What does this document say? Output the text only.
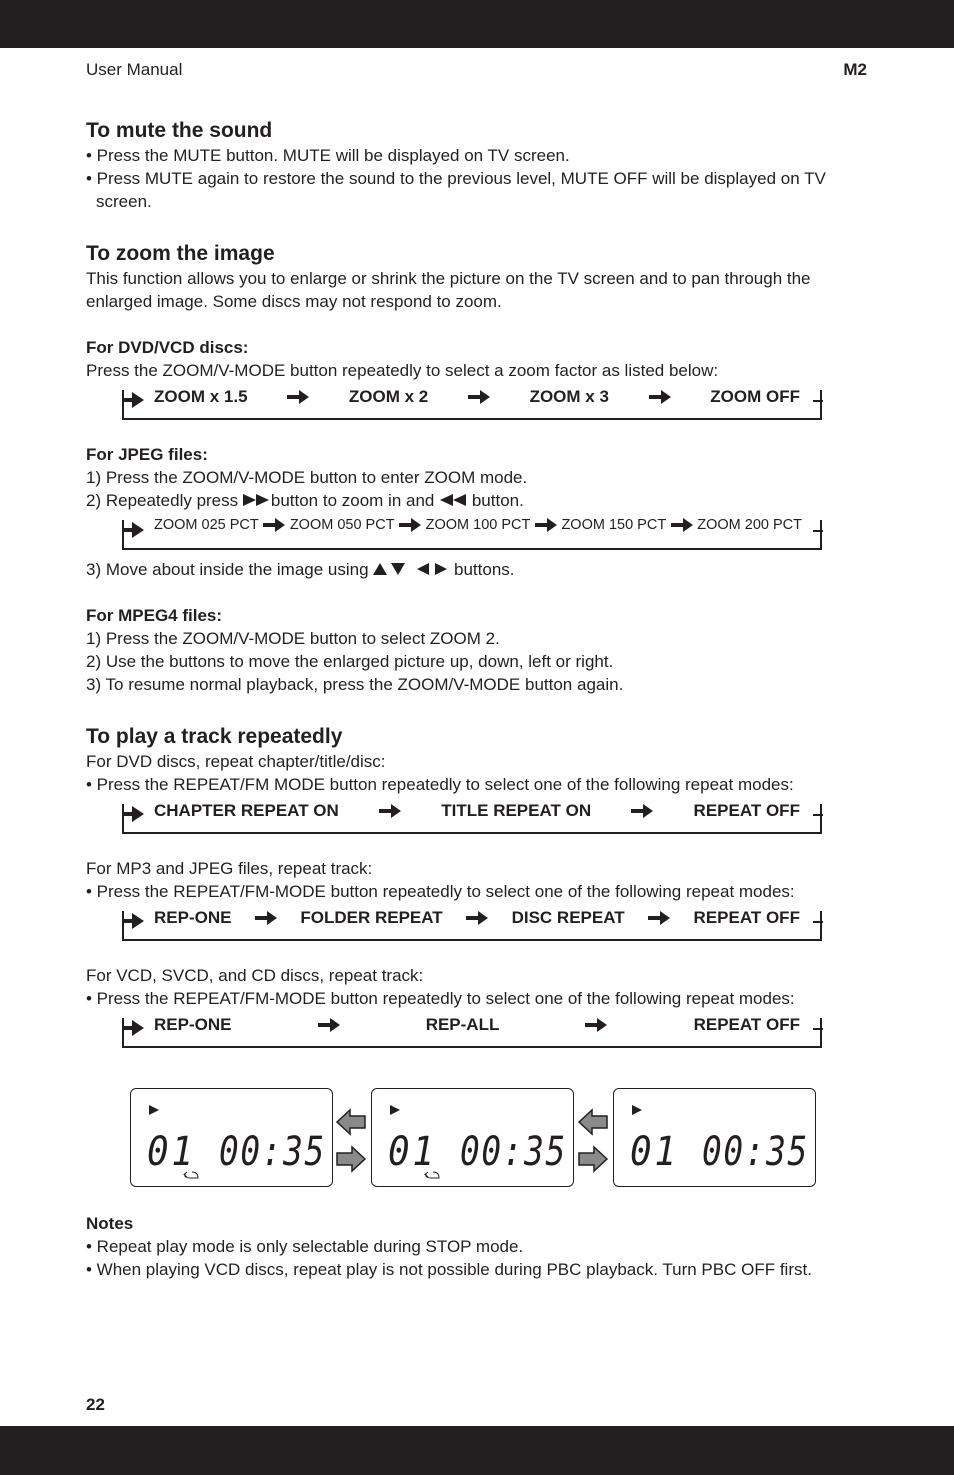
User Manual	M2
To mute the sound

• Press the MUTE button. MUTE will be displayed on TV screen.

• Press MUTE again to restore the sound to the previous level, MUTE OFF will be displayed on TV screen.

To zoom the image

This function allows you to enlarge or shrink the picture on the TV screen and to pan through the enlarged image. Some discs may not respond to zoom.

For DVD/VCD discs:

Press the ZOOM/V-MODE button repeatedly to select a zoom factor as listed below:

ZOOM x 1.5	ZOOM x 2	ZOOM x 3	ZOOM OFF

For JPEG files:

1) Press the ZOOM/V-MODE button to enter ZOOM mode.

2) Repeatedly press button to zoom in and  button.

ZOOM 025 PCT ZOOM 050 PCT ZOOM 100 PCT ZOOM 150 PCT ZOOM 200 PCT

3) Move about inside the image using	buttons.

For MPEG4 files:

1) Press the ZOOM/V-MODE button to select ZOOM 2.

2) Use the buttons to move the enlarged picture up, down, left or right.

3) To resume normal playback, press the ZOOM/V-MODE button again.

To play a track repeatedly

For DVD discs, repeat chapter/title/disc:

• Press the REPEAT/FM MODE button repeatedly to select one of the following repeat modes:

CHAPTER REPEAT ON	TITLE REPEAT ON	REPEAT OFF

For MP3 and JPEG files, repeat track:

• Press the REPEAT/FM-MODE button repeatedly to select one of the following repeat modes:

REP-ONE	FOLDER REPEAT	DISC REPEAT	REPEAT OFF

For VCD, SVCD, and CD discs, repeat track:

• Press the REPEAT/FM-MODE button repeatedly to select one of the following repeat modes:

REP-ONE	REP-ALL	REPEAT OFF
01 00:35
01 00:35
01 00:35

Notes

• Repeat play mode is only selectable during STOP mode.

• When playing VCD discs, repeat play is not possible during PBC playback. Turn PBC OFF first.

22
